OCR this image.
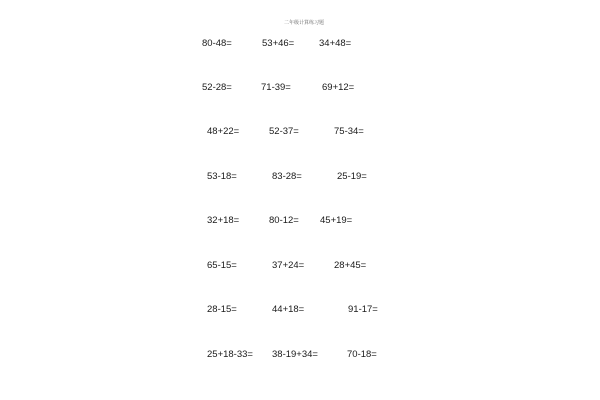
二年级计算练习题
80-48=	53+46=	34+48=
52-28=	71-39=	69+12=
48+22=	52-37=	75-34=
53-18=	83-28=	25-19=
32+18=	80-12= 45+19=
65-15=	37+24=	28+45=
28-15=	44+18=	91-17=
25+18-33= 38-19+34=	70-18=
